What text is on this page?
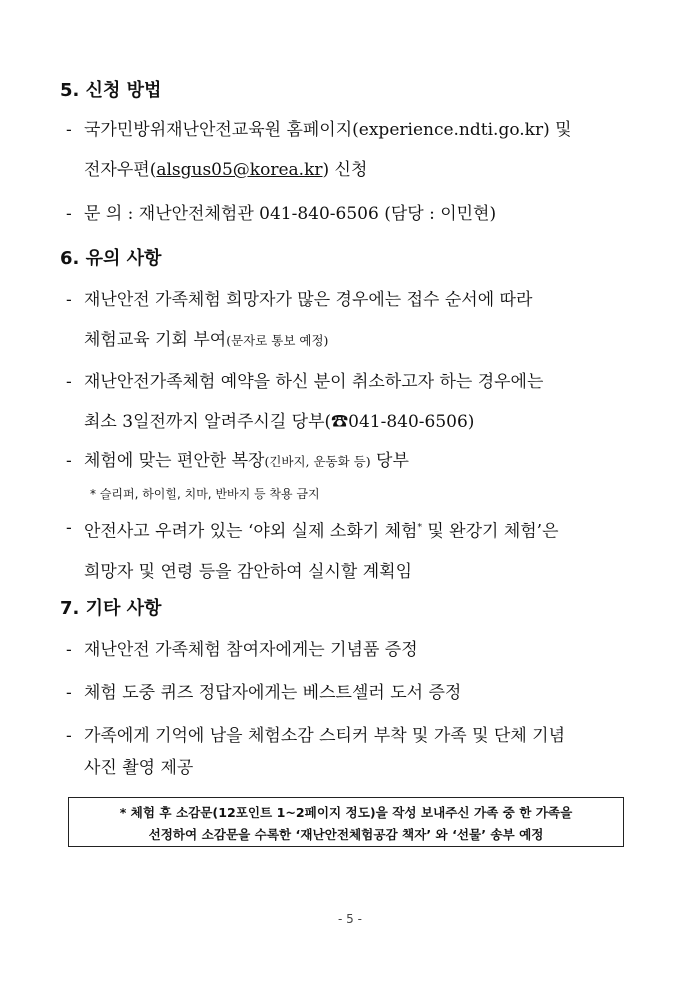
5. 신청 방법
- 국가민방위재난안전교육원 홈페이지(experience.ndti.go.kr) 및
전자우편(alsgus05@korea.kr) 신청
- 문 의 : 재난안전체험관 041-840-6506 (담당 : 이민현)
6. 유의 사항
- 재난안전 가족체험 희망자가 많은 경우에는 접수 순서에 따라
체험교육 기회 부여(문자로 통보 예정)
- 재난안전가족체험 예약을 하신 분이 취소하고자 하는 경우에는
최소 3일전까지 알려주시길 당부(☎041-840-6506)
- 체험에 맞는 편안한 복장(긴바지, 운동화 등) 당부
* 슬리퍼, 하이힐, 치마, 반바지 등 착용 금지
- 안전사고 우려가 있는 ‘야외 실제 소화기 체험* 및 완강기 체험’은
희망자 및 연령 등을 감안하여 실시할 계획임
7. 기타 사항
- 재난안전 가족체험 참여자에게는 기념품 증정
- 체험 도중 퀴즈 정답자에게는 베스트셀러 도서 증정
- 가족에게 기억에 남을 체험소감 스티커 부착 및 가족 및 단체 기념
사진 촬영 제공
* 체험 후 소감문(12포인트 1~2페이지 정도)을 작성 보내주신 가족 중 한 가족을
선정하여 소감문을 수록한 ‘재난안전체험공감 책자’ 와 ‘선물’ 송부 예정
- 5 -
